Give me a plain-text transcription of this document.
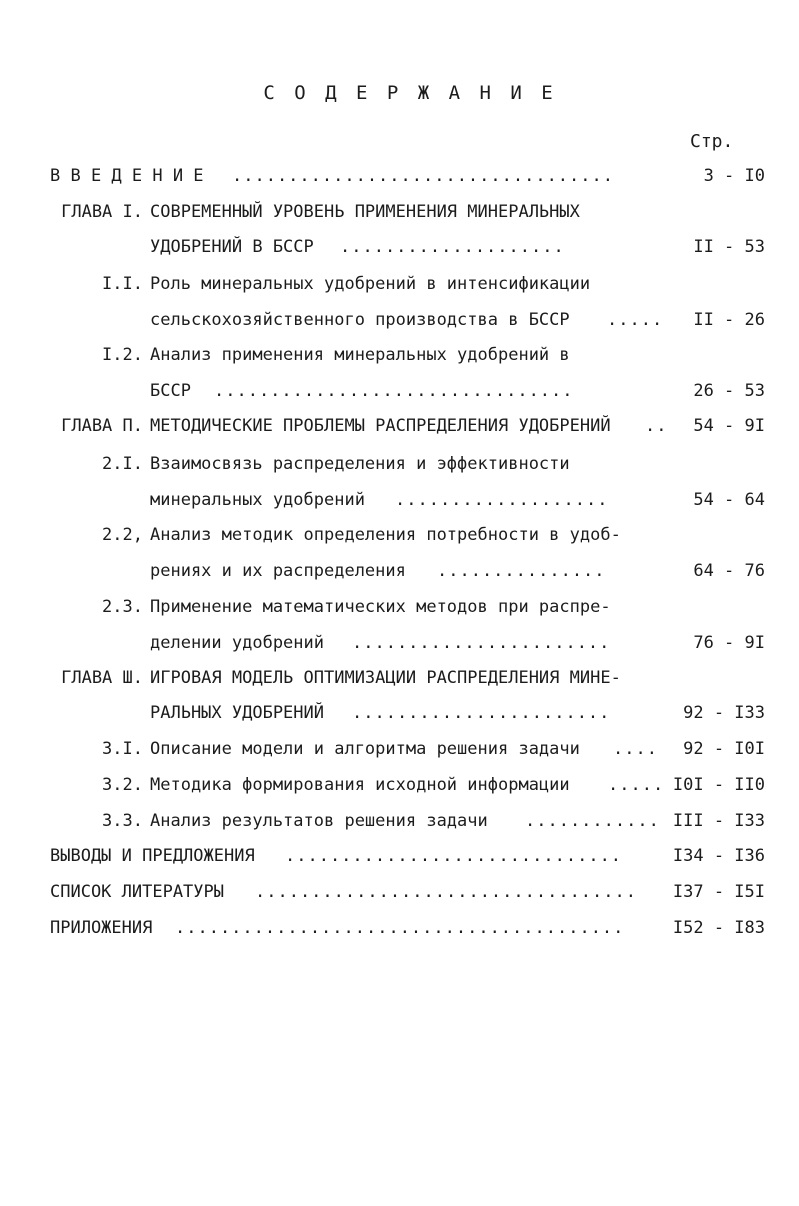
С О Д Е Р Ж А Н И Е
Стр.
В В Е Д Е Н И Е ..................................	3 - I0
ГЛАВА I. СОВРЕМЕННЫЙ УРОВЕНЬ ПРИМЕНЕНИЯ МИНЕРАЛЬНЫХ
УДОБРЕНИЙ В БССР ....................	II - 53
I.I. Роль минеральных удобрений в интенсификации
сельскохозяйственного производства в БССР .....	II - 26
I.2. Анализ применения минеральных удобрений в
БССР ................................	26 - 53
ГЛАВА П. МЕТОДИЧЕСКИЕ ПРОБЛЕМЫ РАСПРЕДЕЛЕНИЯ УДОБРЕНИЙ ..	54 - 9I
2.I. Взаимосвязь распределения и эффективности
минеральных удобрений ...................	54 - 64
2.2, Анализ методик определения потребности в удоб-
рениях и их распределения ...............	64 - 76
2.3. Применение математических методов при распре-
делении удобрений .......................	76 - 9I
ГЛАВА Ш. ИГРОВАЯ МОДЕЛЬ ОПТИМИЗАЦИИ РАСПРЕДЕЛЕНИЯ МИНЕ-
РАЛЬНЫХ УДОБРЕНИЙ .......................	92 - I33
3.I. Описание модели и алгоритма решения задачи ....	92 - I0I
3.2. Методика формирования исходной информации ..... I0I - II0
3.3. Анализ результатов решения задачи ............ III - I33
ВЫВОДЫ И ПРЕДЛОЖЕНИЯ ..............................	I34 - I36
СПИСОК ЛИТЕРАТУРЫ ..................................	I37 - I5I
ПРИЛОЖЕНИЯ ........................................	I52 - I83
